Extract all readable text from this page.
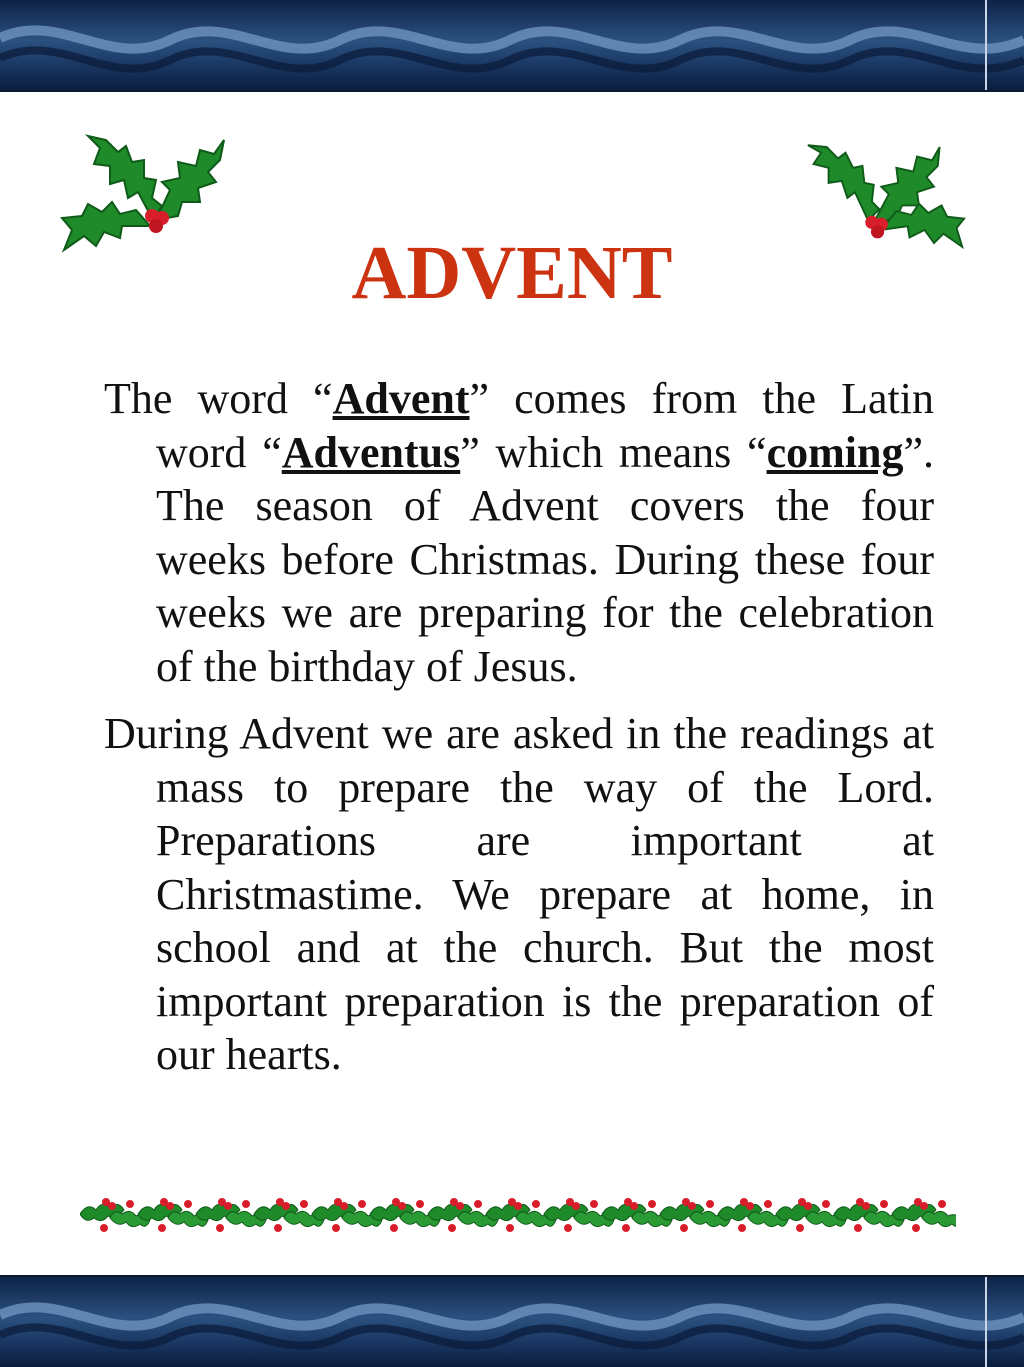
ADVENT

The word “Advent” comes from the Latin word “Adventus” which means “coming”. The season of Advent covers the four weeks before Christmas. During these four weeks we are preparing for the celebration of the birthday of Jesus.

During Advent we are asked in the readings at mass to prepare the way of the Lord. Preparations are important at Christmastime. We prepare at home, in school and at the church. But the most important preparation is the preparation of our hearts.
